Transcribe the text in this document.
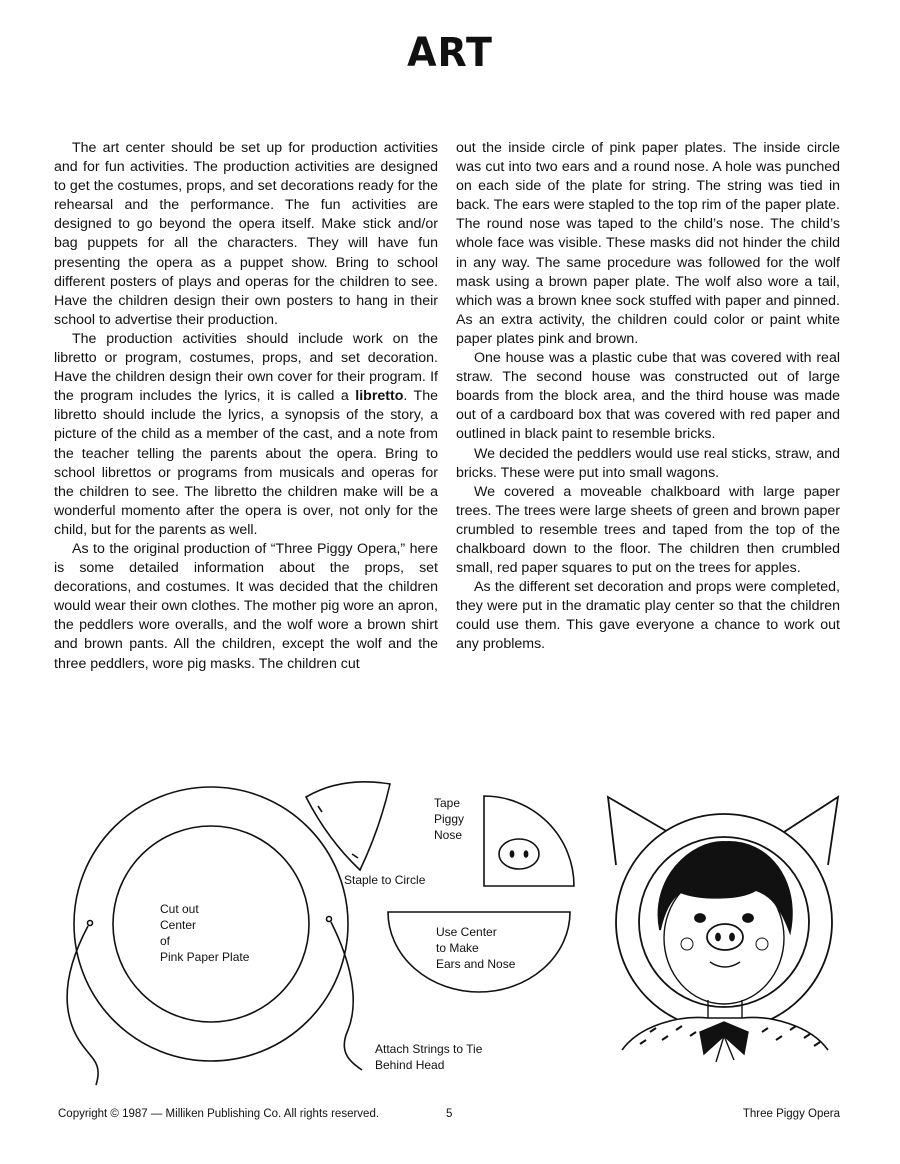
ART

The art center should be set up for production activities and for fun activities. The production activities are designed to get the costumes, props, and set decorations ready for the rehearsal and the performance. The fun activities are designed to go beyond the opera itself. Make stick and/or bag puppets for all the characters. They will have fun presenting the opera as a puppet show. Bring to school different posters of plays and operas for the children to see. Have the children design their own posters to hang in their school to advertise their production.

The production activities should include work on the libretto or program, costumes, props, and set decoration. Have the children design their own cover for their program. If the program includes the lyrics, it is called a libretto. The libretto should include the lyrics, a synopsis of the story, a picture of the child as a member of the cast, and a note from the teacher telling the parents about the opera. Bring to school librettos or programs from musicals and operas for the children to see. The libretto the children make will be a wonderful momento after the opera is over, not only for the child, but for the parents as well.

As to the original production of “Three Piggy Opera,” here is some detailed information about the props, set decorations, and costumes. It was decided that the children would wear their own clothes. The mother pig wore an apron, the peddlers wore overalls, and the wolf wore a brown shirt and brown pants. All the children, except the wolf and the three peddlers, wore pig masks. The children cut

out the inside circle of pink paper plates. The inside circle was cut into two ears and a round nose. A hole was punched on each side of the plate for string. The string was tied in back. The ears were stapled to the top rim of the paper plate. The round nose was taped to the child’s nose. The child’s whole face was visible. These masks did not hinder the child in any way. The same procedure was followed for the wolf mask using a brown paper plate. The wolf also wore a tail, which was a brown knee sock stuffed with paper and pinned. As an extra activity, the children could color or paint white paper plates pink and brown.

One house was a plastic cube that was covered with real straw. The second house was constructed out of large boards from the block area, and the third house was made out of a cardboard box that was covered with red paper and outlined in black paint to resemble bricks.

We decided the peddlers would use real sticks, straw, and bricks. These were put into small wagons.

We covered a moveable chalkboard with large paper trees. The trees were large sheets of green and brown paper crumbled to resemble trees and taped from the top of the chalkboard down to the floor. The children then crumbled small, red paper squares to put on the trees for apples.

As the different set decoration and props were completed, they were put in the dramatic play center so that the children could use them. This gave everyone a chance to work out any problems.

Cut out
Center
of
Pink Paper Plate
Staple to Circle
Tape
Piggy
Nose
Use Center
to Make
Ears and Nose
Attach Strings to Tie
Behind Head
Copyright © 1987 — Milliken Publishing Co. All rights reserved.	5	Three Piggy Opera
